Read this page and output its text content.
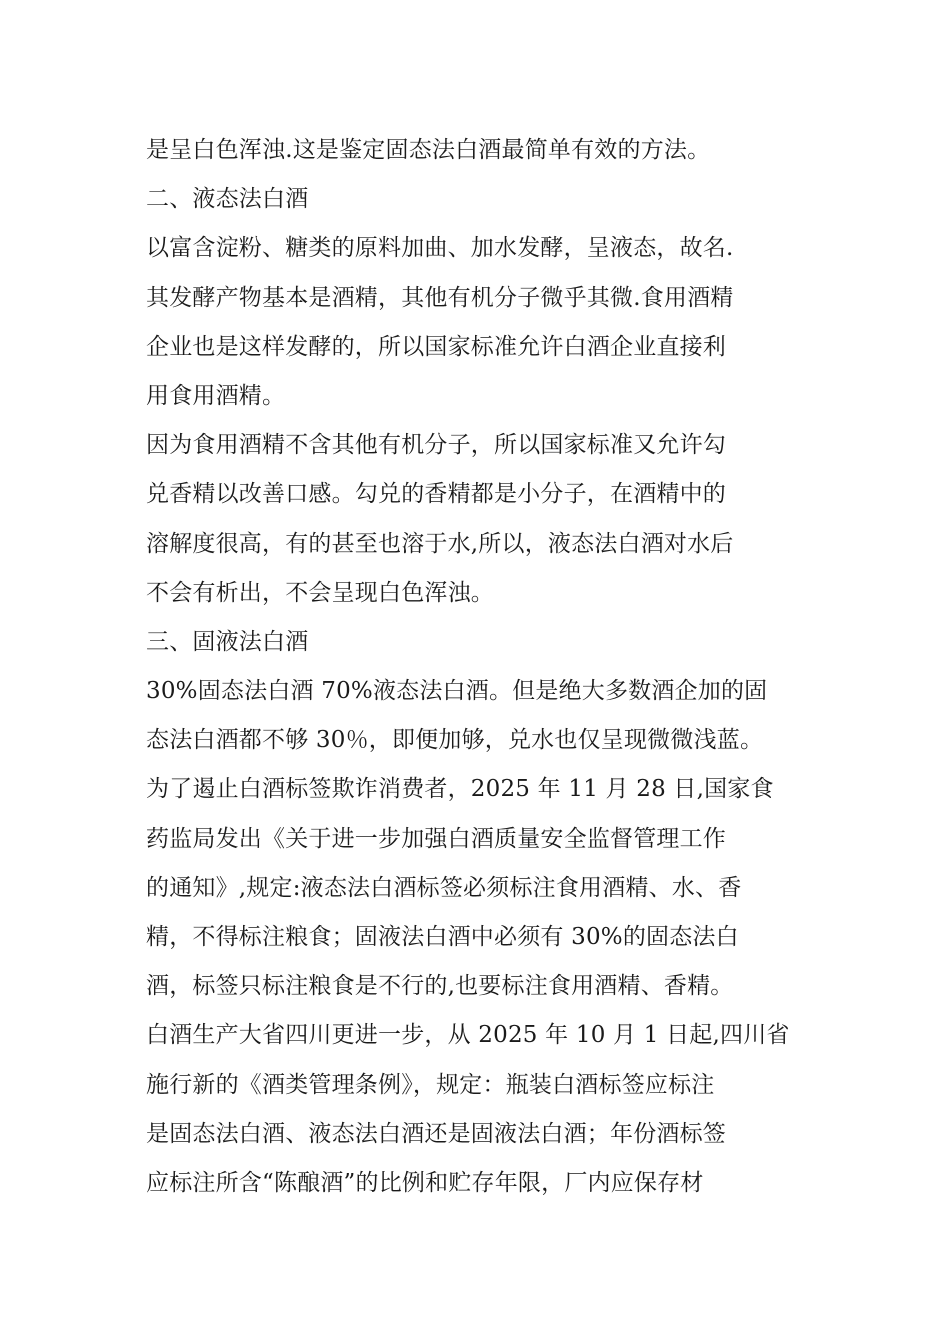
是呈白色浑浊.这是鉴定固态法白酒最简单有效的方法。
二、液态法白酒
以富含淀粉、糖类的原料加曲、加水发酵，呈液态，故名.
其发酵产物基本是酒精，其他有机分子微乎其微.食用酒精
企业也是这样发酵的，所以国家标准允许白酒企业直接利
用食用酒精。
因为食用酒精不含其他有机分子，所以国家标准又允许勾
兑香精以改善口感。勾兑的香精都是小分子，在酒精中的
溶解度很高，有的甚至也溶于水,所以，液态法白酒对水后
不会有析出，不会呈现白色浑浊。
三、固液法白酒
30%固态法白酒 70%液态法白酒。但是绝大多数酒企加的固
态法白酒都不够 30％，即便加够，兑水也仅呈现微微浅蓝。
为了遏止白酒标签欺诈消费者，2025 年 11 月 28 日,国家食
药监局发出《关于进一步加强白酒质量安全监督管理工作
的通知》,规定:液态法白酒标签必须标注食用酒精、水、香
精，不得标注粮食；固液法白酒中必须有 30%的固态法白
酒，标签只标注粮食是不行的,也要标注食用酒精、香精。
白酒生产大省四川更进一步，从 2025 年 10 月 1 日起,四川省
施行新的《酒类管理条例》，规定：瓶装白酒标签应标注
是固态法白酒、液态法白酒还是固液法白酒；年份酒标签
应标注所含“陈酿酒”的比例和贮存年限，厂内应保存材
